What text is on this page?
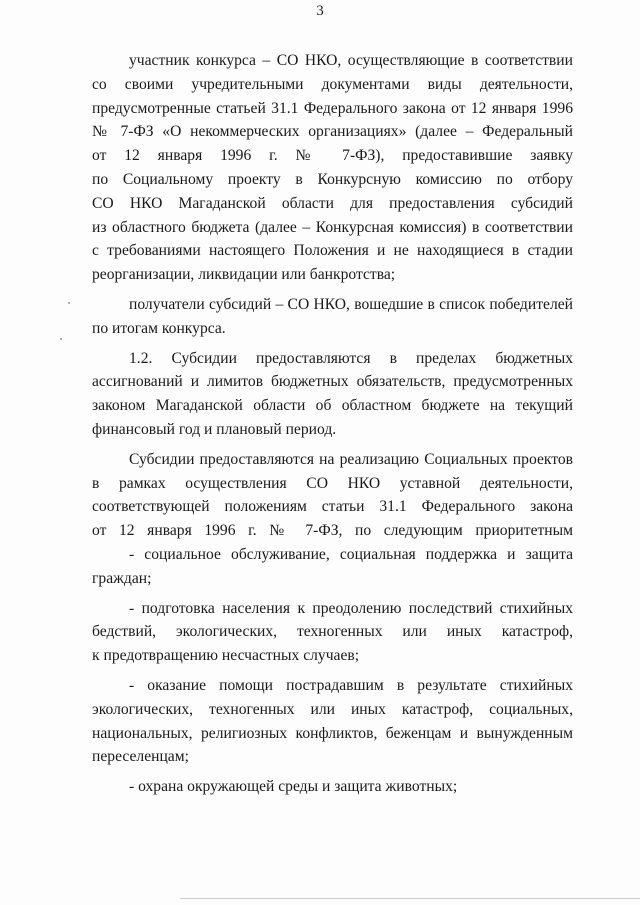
3
участник конкурса – СО НКО, осуществляющие в соответствии
со своими учредительными документами виды деятельности,
предусмотренные статьей 31.1 Федерального закона от 12 января 1996
№ 7-ФЗ «О некоммерческих организациях» (далее – Федеральный
от 12 января 1996 г. № 7-ФЗ), предоставившие заявку
по Социальному проекту в Конкурсную комиссию по отбору
СО НКО Магаданской области для предоставления субсидий
из областного бюджета (далее – Конкурсная комиссия) в соответствии
с требованиями настоящего Положения и не находящиеся в стадии
реорганизации, ликвидации или банкротства;
получатели субсидий – СО НКО, вошедшие в список победителей
по итогам конкурса.
1.2. Субсидии предоставляются в пределах бюджетных
ассигнований и лимитов бюджетных обязательств, предусмотренных
законом Магаданской области об областном бюджете на текущий
финансовый год и плановый период.
Субсидии предоставляются на реализацию Социальных проектов
в рамках осуществления СО НКО уставной деятельности,
соответствующей положениям статьи 31.1 Федерального закона
от 12 января 1996 г. № 7-ФЗ, по следующим приоритетным
- социальное обслуживание, социальная поддержка и защита
граждан;
- подготовка населения к преодолению последствий стихийных
бедствий, экологических, техногенных или иных катастроф,
к предотвращению несчастных случаев;
- оказание помощи пострадавшим в результате стихийных
экологических, техногенных или иных катастроф, социальных,
национальных, религиозных конфликтов, беженцам и вынужденным
переселенцам;
- охрана окружающей среды и защита животных;
